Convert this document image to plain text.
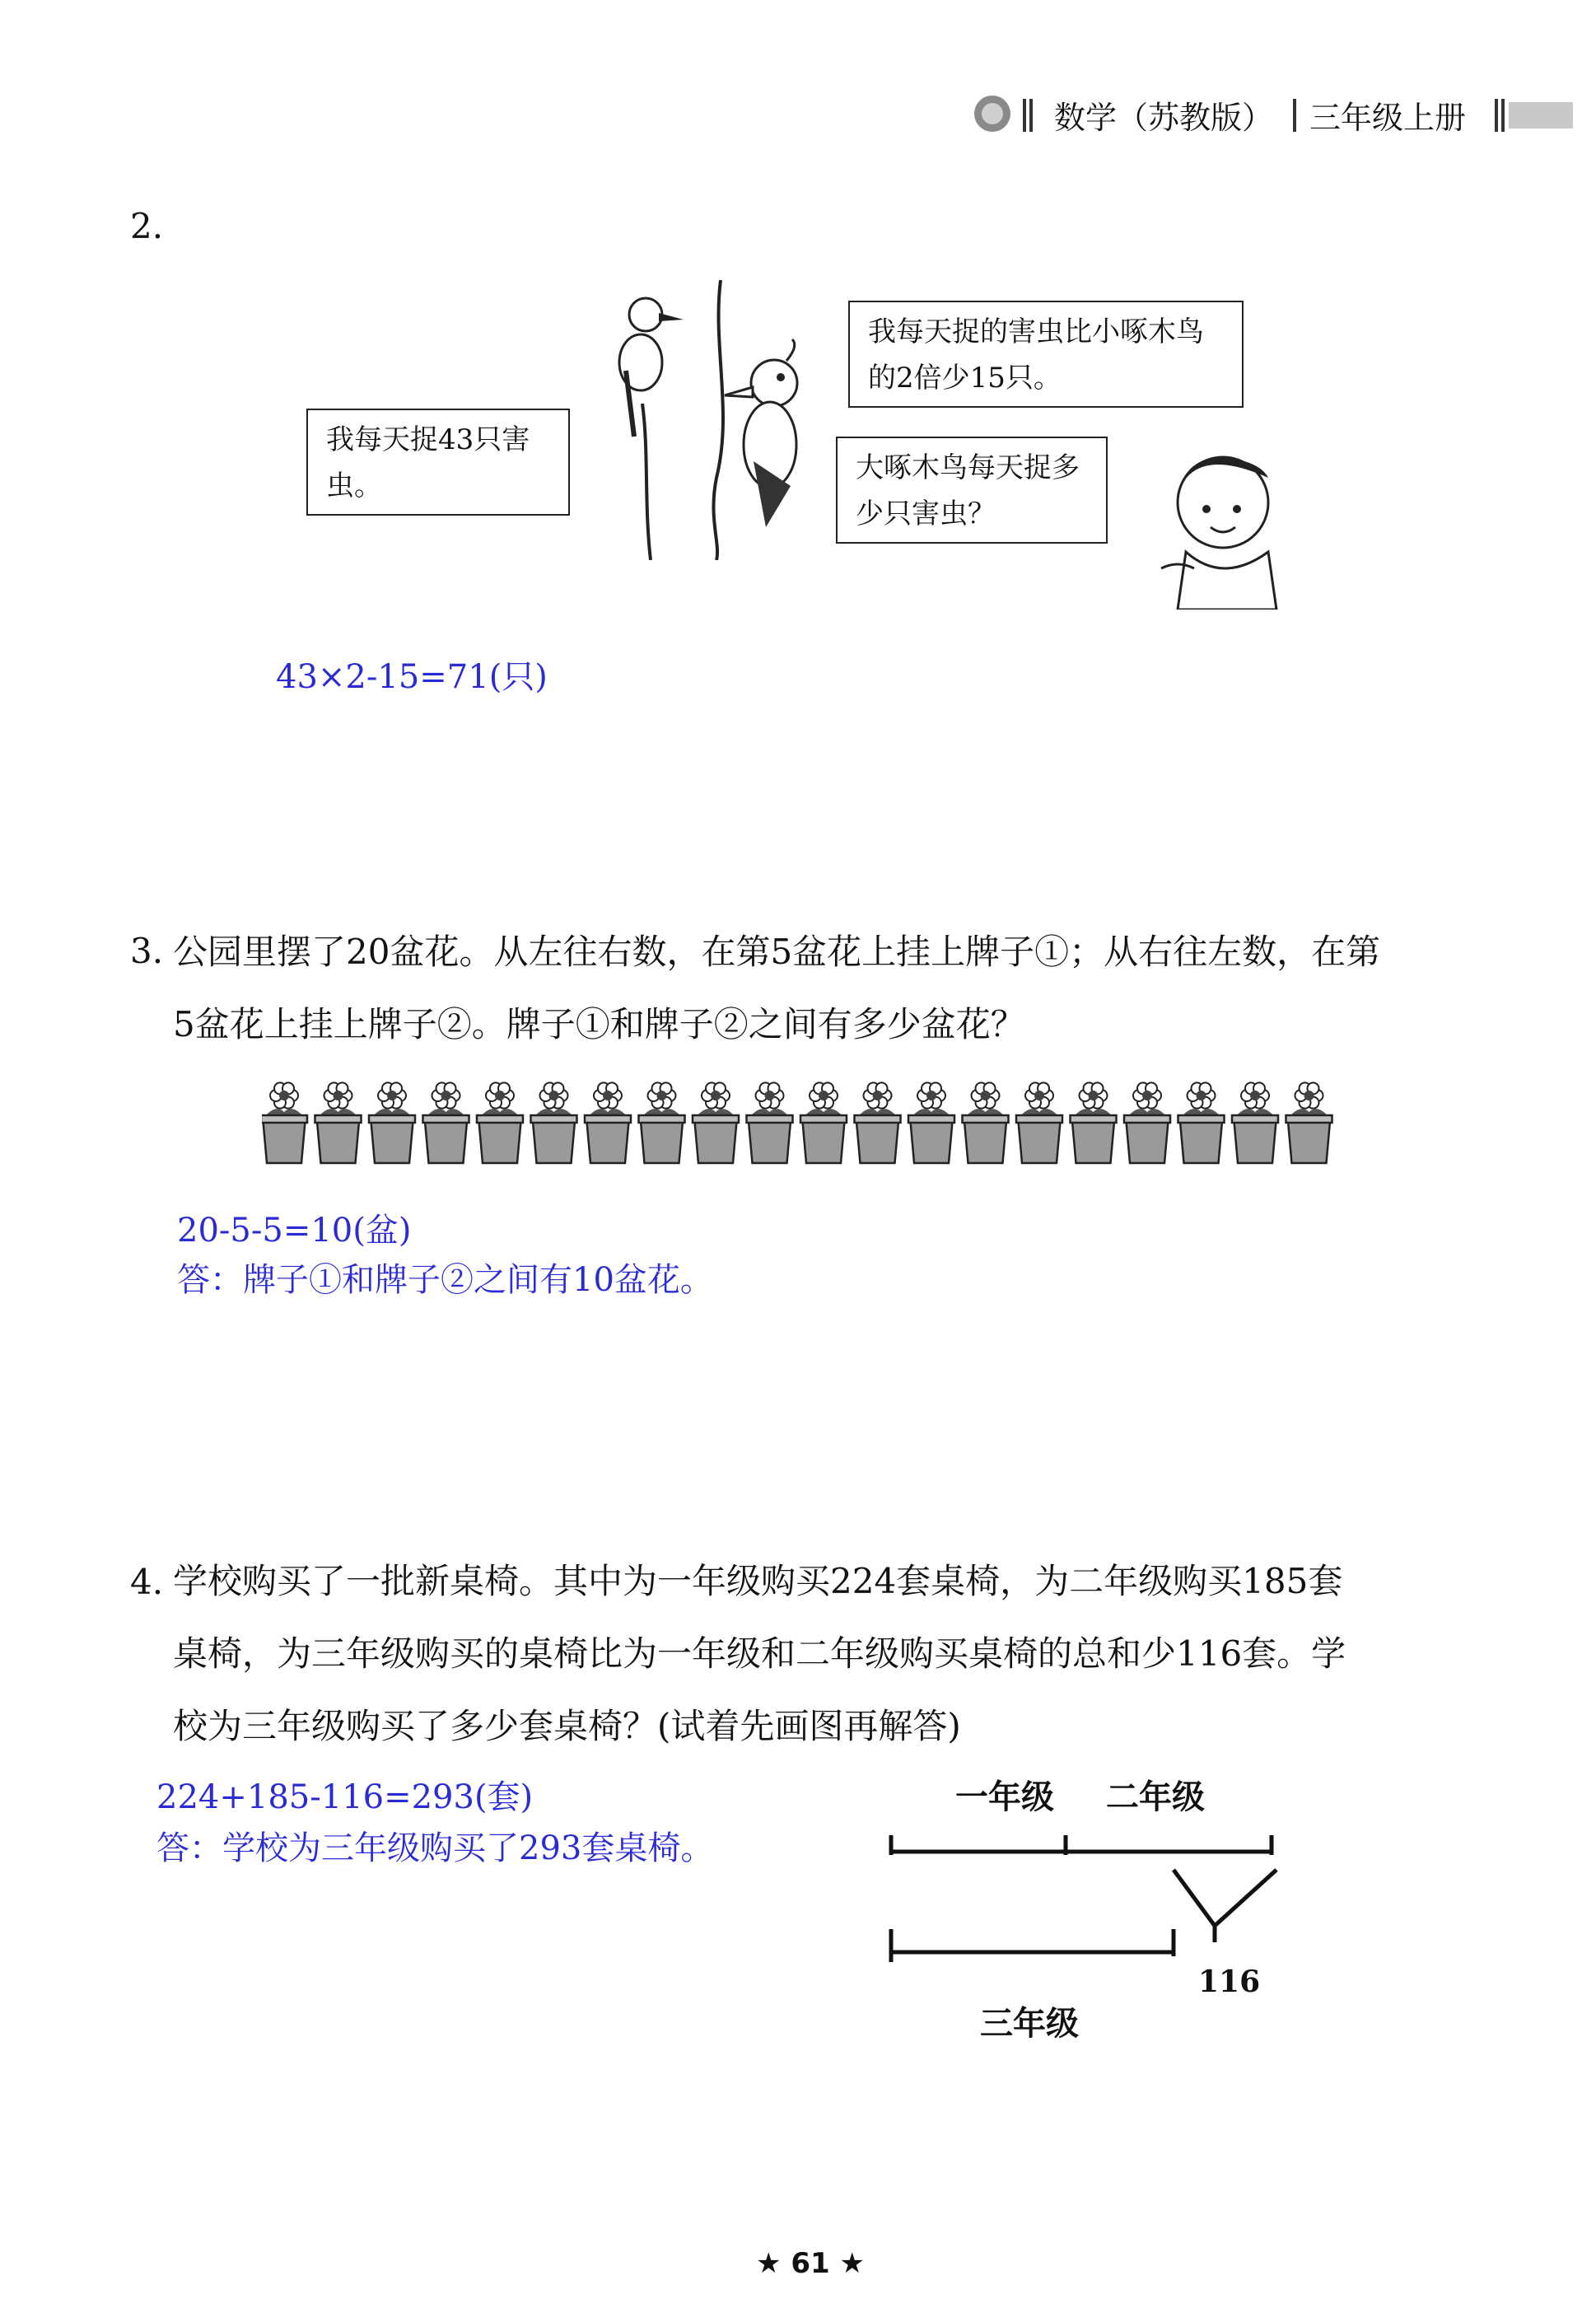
数学（苏教版） 三年级上册
2.
我每天捉43只害虫。
我每天捉的害虫比小啄木鸟的2倍少15只。
大啄木鸟每天捉多少只害虫？
43×2-15=71(只)
3. 公园里摆了20盆花。从左往右数，在第5盆花上挂上牌子①；从右往左数，在第
5盆花上挂上牌子②。牌子①和牌子②之间有多少盆花？
20-5-5=10(盆)
答：牌子①和牌子②之间有10盆花。
4. 学校购买了一批新桌椅。其中为一年级购买224套桌椅，为二年级购买185套
桌椅，为三年级购买的桌椅比为一年级和二年级购买桌椅的总和少116套。学
校为三年级购买了多少套桌椅？(试着先画图再解答)
224+185-116=293(套)
答：学校为三年级购买了293套桌椅。
一年级 二年级
116
三年级
★ 61 ★
